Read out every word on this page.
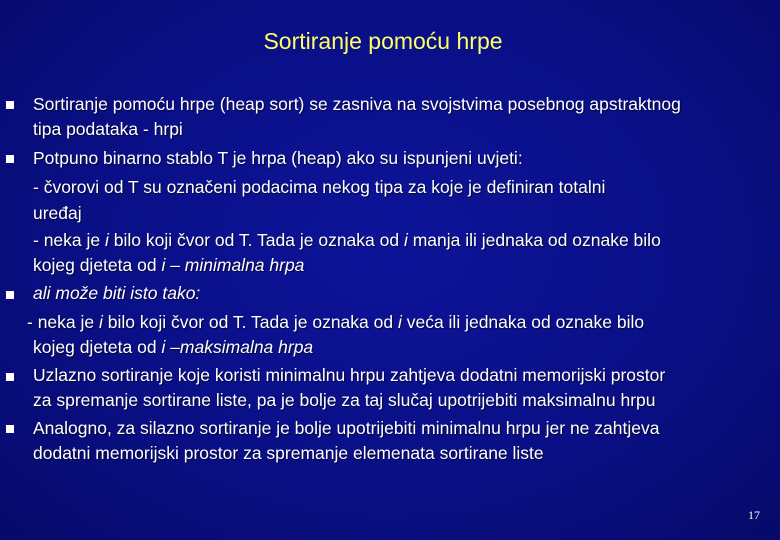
Sortiranje pomoću hrpe
Sortiranje pomoću hrpe (heap sort) se zasniva na svojstvima posebnog apstraktnog
tipa podataka - hrpi
Potpuno binarno stablo T je hrpa (heap) ako su ispunjeni uvjeti:
- čvorovi od T su označeni podacima nekog tipa za koje je definiran totalni
uređaj
- neka je i bilo koji čvor od T. Tada je oznaka od i manja ili jednaka od oznake bilo
kojeg djeteta od i – minimalna hrpa
ali može biti isto tako:
- neka je i bilo koji čvor od T. Tada je oznaka od i veća ili jednaka od oznake bilo
kojeg djeteta od i –maksimalna hrpa
Uzlazno sortiranje koje koristi minimalnu hrpu zahtjeva dodatni memorijski prostor
za spremanje sortirane liste, pa je bolje za taj slučaj upotrijebiti maksimalnu hrpu
Analogno, za silazno sortiranje je bolje upotrijebiti minimalnu hrpu jer ne zahtjeva
dodatni memorijski prostor za spremanje elemenata sortirane liste
17
